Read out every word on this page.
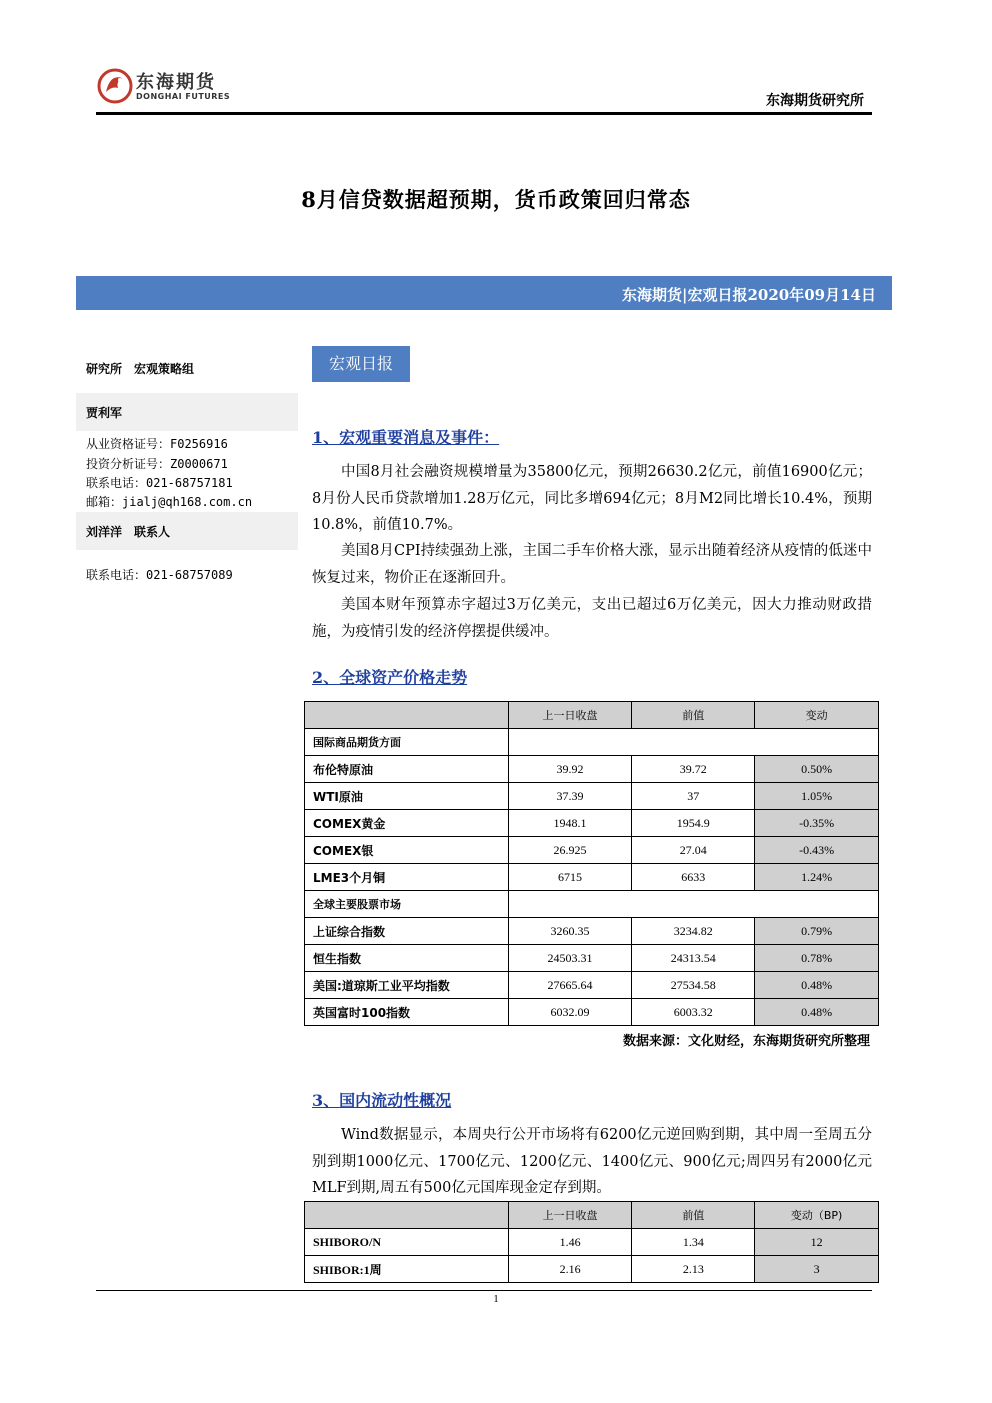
东海期货
DONGHAI FUTURES	东海期货研究所
8月信贷数据超预期，货币政策回归常态
东海期货|宏观日报2020年09月14日
研究所　宏观策略组
贾利军
从业资格证号：F0256916
投资分析证号：Z0000671
联系电话：021-68757181
邮箱：jialj@qh168.com.cn
刘洋洋　联系人
联系电话：021-68757089
宏观日报
1、宏观重要消息及事件：
中国8月社会融资规模增量为35800亿元，预期26630.2亿元，前值16900亿元；8月份人民币贷款增加1.28万亿元，同比多增694亿元；8月M2同比增长10.4%，预期10.8%，前值10.7%。
美国8月CPI持续强劲上涨，主国二手车价格大涨，显示出随着经济从疫情的低迷中恢复过来，物价正在逐渐回升。
美国本财年预算赤字超过3万亿美元，支出已超过6万亿美元，因大力推动财政措施，为疫情引发的经济停摆提供缓冲。
2、全球资产价格走势
	上一日收盘	前值	变动
国际商品期货方面			
布伦特原油	39.92	39.72	0.50%
WTI原油	37.39	37	1.05%
COMEX黄金	1948.1	1954.9	-0.35%
COMEX银	26.925	27.04	-0.43%
LME3个月铜	6715	6633	1.24%
全球主要股票市场			
上证综合指数	3260.35	3234.82	0.79%
恒生指数	24503.31	24313.54	0.78%
美国:道琼斯工业平均指数	27665.64	27534.58	0.48%
英国富时100指数	6032.09	6003.32	0.48%
数据来源：文化财经，东海期货研究所整理
3、国内流动性概况
Wind数据显示，本周央行公开市场将有6200亿元逆回购到期，其中周一至周五分别到期1000亿元、1700亿元、1200亿元、1400亿元、900亿元;周四另有2000亿元MLF到期,周五有500亿元国库现金定存到期。
	上一日收盘	前值	变动（BP)
SHIBORO/N	1.46	1.34	12
SHIBOR:1周	2.16	2.13	3
1
